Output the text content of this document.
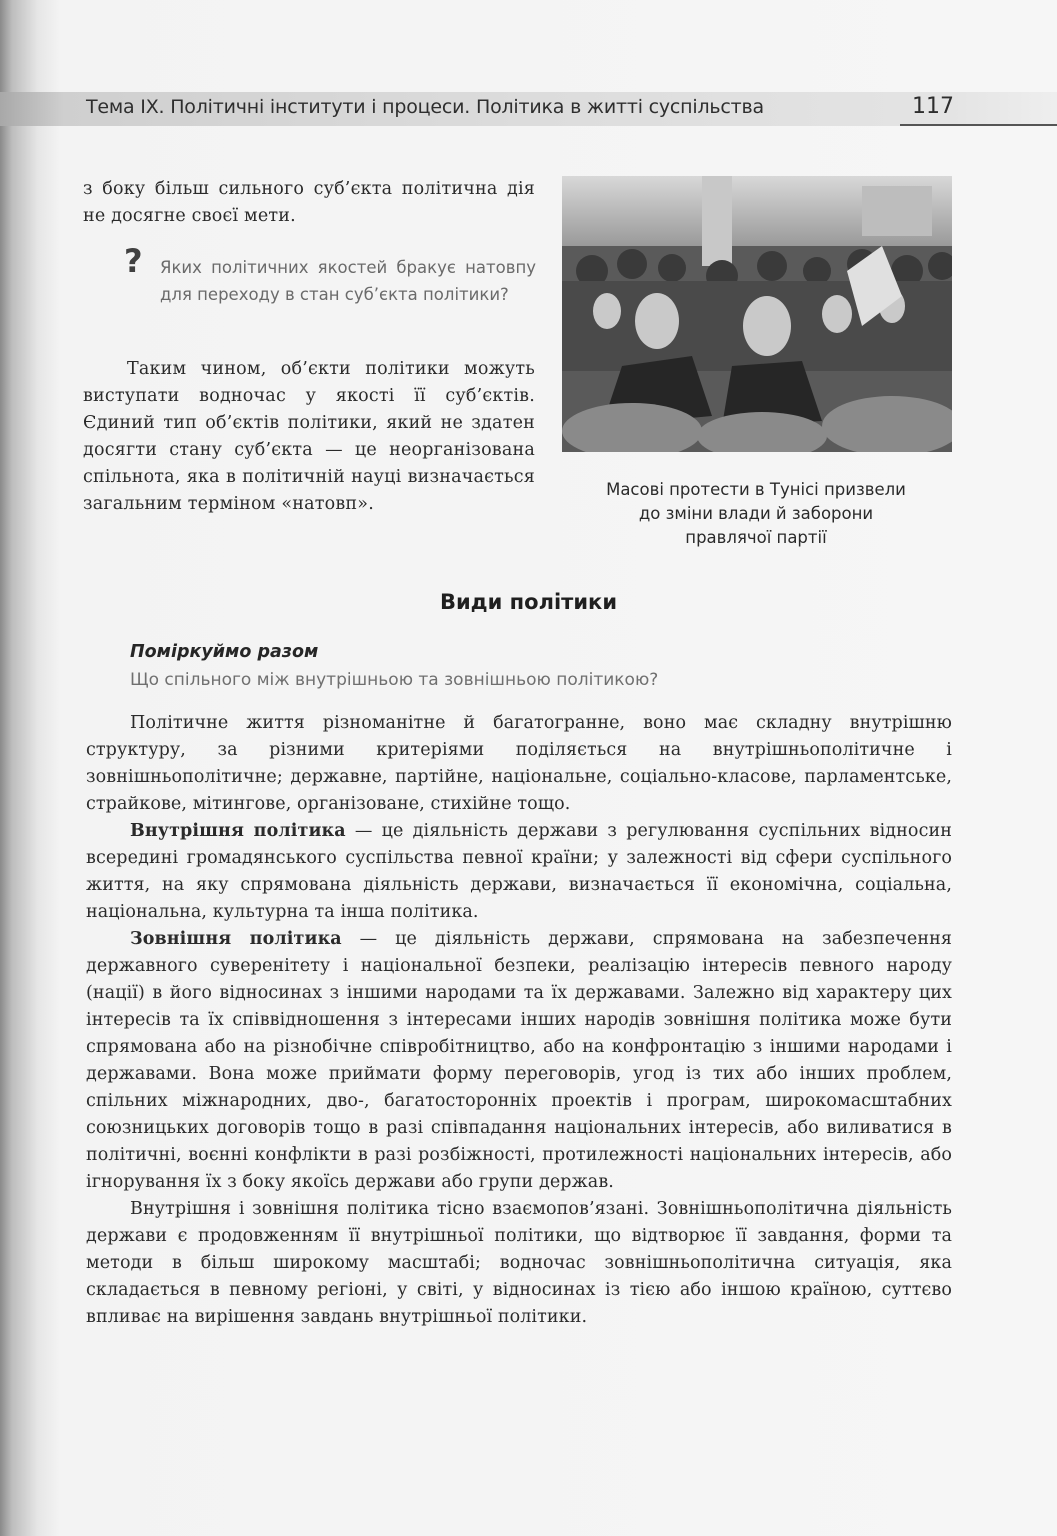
Тема IX. Політичні інститути і процеси. Політика в житті суспільства	117
з боку більш сильного суб’єкта політична дія не досягне своєї мети.
? Яких політичних якостей бракує натовпу для переходу в стан суб’єкта політики?
Таким чином, об’єкти політики можуть виступати водночас у якості її суб’єктів. Єдиний тип об’єктів політики, який не здатен досягти стану суб’єкта — це неорганізована спільнота, яка в політичній науці визначається загальним терміном «натовп».
Масові протести в Тунісі призвели
до зміни влади й заборони
правлячої партії
Види політики
Поміркуймо разом
Що спільного між внутрішньою та зовнішньою політикою?

Політичне життя різноманітне й багатогранне, воно має складну внутрішню структуру, за різними критеріями поділяється на внутрішньополітичне і зовнішньополітичне; державне, партійне, національне, соціально-класове, парламентське, страйкове, мітингове, організоване, стихійне тощо.

Внутрішня політика — це діяльність держави з регулювання суспільних відносин всередині громадянського суспільства певної країни; у залежності від сфери суспільного життя, на яку спрямована діяльність держави, визначається її економічна, соціальна, національна, культурна та інша політика.

Зовнішня політика — це діяльність держави, спрямована на забезпечення державного суверенітету і національної безпеки, реалізацію інтересів певного народу (нації) в його відносинах з іншими народами та їх державами. Залежно від характеру цих інтересів та їх співвідношення з інтересами інших народів зовнішня політика може бути спрямована або на різнобічне співробітництво, або на конфронтацію з іншими народами і державами. Вона може приймати форму переговорів, угод із тих або інших проблем, спільних міжнародних, дво-, багатосторонніх проектів і програм, широкомасштабних союзницьких договорів тощо в разі співпадання національних інтересів, або виливатися в політичні, воєнні конфлікти в разі розбіжності, протилежності національних інтересів, або ігнорування їх з боку якоїсь держави або групи держав.

Внутрішня і зовнішня політика тісно взаємопов’язані. Зовнішньополітична діяльність держави є продовженням її внутрішньої політики, що відтворює її завдання, форми та методи в більш широкому масштабі; водночас зовнішньополітична ситуація, яка складається в певному регіоні, у світі, у відносинах із тією або іншою країною, суттєво впливає на вирішення завдань внутрішньої політики.
